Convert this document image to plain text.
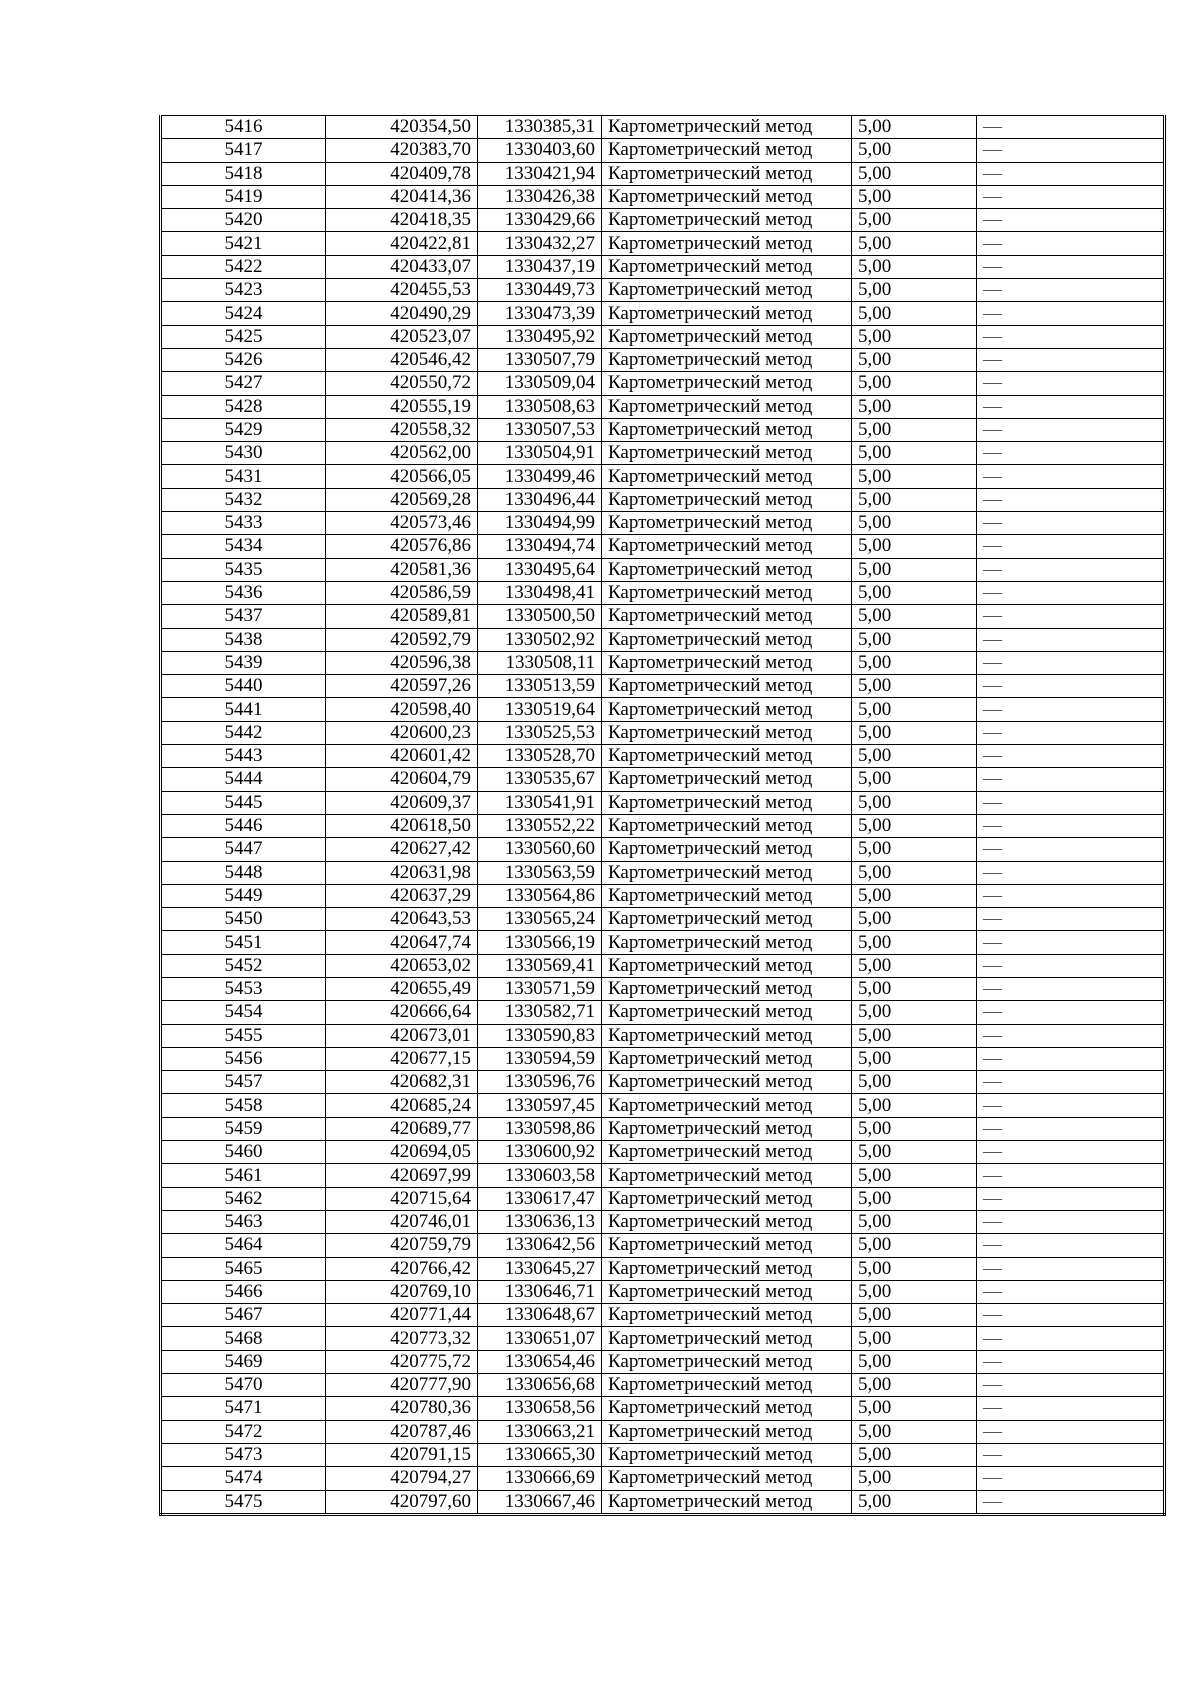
5416	420354,50	1330385,31	Картометрический метод	5,00	—
5417	420383,70	1330403,60	Картометрический метод	5,00	—
5418	420409,78	1330421,94	Картометрический метод	5,00	—
5419	420414,36	1330426,38	Картометрический метод	5,00	—
5420	420418,35	1330429,66	Картометрический метод	5,00	—
5421	420422,81	1330432,27	Картометрический метод	5,00	—
5422	420433,07	1330437,19	Картометрический метод	5,00	—
5423	420455,53	1330449,73	Картометрический метод	5,00	—
5424	420490,29	1330473,39	Картометрический метод	5,00	—
5425	420523,07	1330495,92	Картометрический метод	5,00	—
5426	420546,42	1330507,79	Картометрический метод	5,00	—
5427	420550,72	1330509,04	Картометрический метод	5,00	—
5428	420555,19	1330508,63	Картометрический метод	5,00	—
5429	420558,32	1330507,53	Картометрический метод	5,00	—
5430	420562,00	1330504,91	Картометрический метод	5,00	—
5431	420566,05	1330499,46	Картометрический метод	5,00	—
5432	420569,28	1330496,44	Картометрический метод	5,00	—
5433	420573,46	1330494,99	Картометрический метод	5,00	—
5434	420576,86	1330494,74	Картометрический метод	5,00	—
5435	420581,36	1330495,64	Картометрический метод	5,00	—
5436	420586,59	1330498,41	Картометрический метод	5,00	—
5437	420589,81	1330500,50	Картометрический метод	5,00	—
5438	420592,79	1330502,92	Картометрический метод	5,00	—
5439	420596,38	1330508,11	Картометрический метод	5,00	—
5440	420597,26	1330513,59	Картометрический метод	5,00	—
5441	420598,40	1330519,64	Картометрический метод	5,00	—
5442	420600,23	1330525,53	Картометрический метод	5,00	—
5443	420601,42	1330528,70	Картометрический метод	5,00	—
5444	420604,79	1330535,67	Картометрический метод	5,00	—
5445	420609,37	1330541,91	Картометрический метод	5,00	—
5446	420618,50	1330552,22	Картометрический метод	5,00	—
5447	420627,42	1330560,60	Картометрический метод	5,00	—
5448	420631,98	1330563,59	Картометрический метод	5,00	—
5449	420637,29	1330564,86	Картометрический метод	5,00	—
5450	420643,53	1330565,24	Картометрический метод	5,00	—
5451	420647,74	1330566,19	Картометрический метод	5,00	—
5452	420653,02	1330569,41	Картометрический метод	5,00	—
5453	420655,49	1330571,59	Картометрический метод	5,00	—
5454	420666,64	1330582,71	Картометрический метод	5,00	—
5455	420673,01	1330590,83	Картометрический метод	5,00	—
5456	420677,15	1330594,59	Картометрический метод	5,00	—
5457	420682,31	1330596,76	Картометрический метод	5,00	—
5458	420685,24	1330597,45	Картометрический метод	5,00	—
5459	420689,77	1330598,86	Картометрический метод	5,00	—
5460	420694,05	1330600,92	Картометрический метод	5,00	—
5461	420697,99	1330603,58	Картометрический метод	5,00	—
5462	420715,64	1330617,47	Картометрический метод	5,00	—
5463	420746,01	1330636,13	Картометрический метод	5,00	—
5464	420759,79	1330642,56	Картометрический метод	5,00	—
5465	420766,42	1330645,27	Картометрический метод	5,00	—
5466	420769,10	1330646,71	Картометрический метод	5,00	—
5467	420771,44	1330648,67	Картометрический метод	5,00	—
5468	420773,32	1330651,07	Картометрический метод	5,00	—
5469	420775,72	1330654,46	Картометрический метод	5,00	—
5470	420777,90	1330656,68	Картометрический метод	5,00	—
5471	420780,36	1330658,56	Картометрический метод	5,00	—
5472	420787,46	1330663,21	Картометрический метод	5,00	—
5473	420791,15	1330665,30	Картометрический метод	5,00	—
5474	420794,27	1330666,69	Картометрический метод	5,00	—
5475	420797,60	1330667,46	Картометрический метод	5,00	—
